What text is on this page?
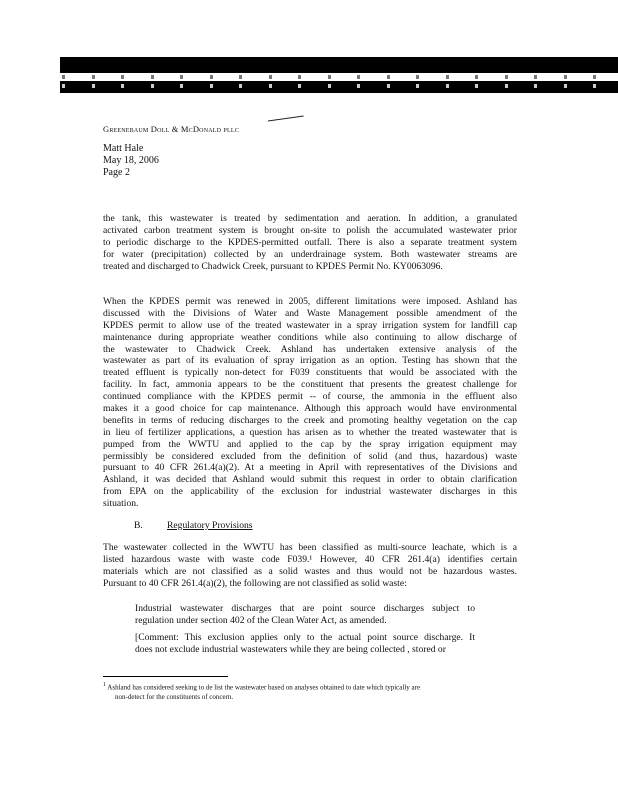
Greenebaum Doll & McDonald pllc
Matt Hale
May 18, 2006
Page 2
the tank, this wastewater is treated by sedimentation and aeration. In addition, a granulated
activated carbon treatment system is brought on-site to polish the accumulated wastewater prior
to periodic discharge to the KPDES-permitted outfall. There is also a separate treatment system
for water (precipitation) collected by an underdrainage system. Both wastewater streams are
treated and discharged to Chadwick Creek, pursuant to KPDES Permit No. KY0063096.
When the KPDES permit was renewed in 2005, different limitations were imposed. Ashland has
discussed with the Divisions of Water and Waste Management possible amendment of the
KPDES permit to allow use of the treated wastewater in a spray irrigation system for landfill cap
maintenance during appropriate weather conditions while also continuing to allow discharge of
the wastewater to Chadwick Creek. Ashland has undertaken extensive analysis of the
wastewater as part of its evaluation of spray irrigation as an option. Testing has shown that the
treated effluent is typically non-detect for F039 constituents that would be associated with the
facility. In fact, ammonia appears to be the constituent that presents the greatest challenge for
continued compliance with the KPDES permit -- of course, the ammonia in the effluent also
makes it a good choice for cap maintenance. Although this approach would have environmental
benefits in terms of reducing discharges to the creek and promoting healthy vegetation on the cap
in lieu of fertilizer applications, a question has arisen as to whether the treated wastewater that is
pumped from the WWTU and applied to the cap by the spray irrigation equipment may
permissibly be considered excluded from the definition of solid (and thus, hazardous) waste
pursuant to 40 CFR 261.4(a)(2). At a meeting in April with representatives of the Divisions and
Ashland, it was decided that Ashland would submit this request in order to obtain clarification
from EPA on the applicability of the exclusion for industrial wastewater discharges in this
situation.
B.	Regulatory Provisions
The wastewater collected in the WWTU has been classified as multi-source leachate, which is a
listed hazardous waste with waste code F039.¹ However, 40 CFR 261.4(a) identifies certain
materials which are not classified as a solid wastes and thus would not be hazardous wastes.
Pursuant to 40 CFR 261.4(a)(2), the following are not classified as solid waste:
Industrial wastewater discharges that are point source discharges subject to
regulation under section 402 of the Clean Water Act, as amended.
[Comment: This exclusion applies only to the actual point source discharge. It
does not exclude industrial wastewaters while they are being collected , stored or
$^1$ Ashland has considered seeking to de list the wastewater based on analyses obtained to date which typically are
non-detect for the constituents of concern.
